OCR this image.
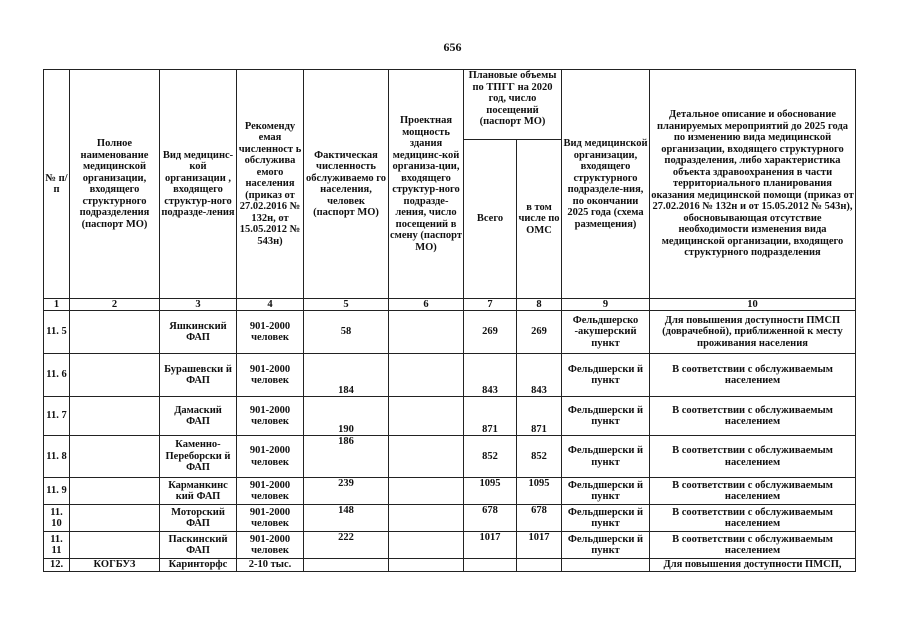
656
№ п/п	Полное наименование медицинской организации, входящего структурного подразделения (паспорт МО)	Вид медицинс-кой организации , входящего структур-ного подразде-ления	Рекоменду емая численност ь обслужива емого населения (приказ от 27.02.2016 № 132н, от 15.05.2012 № 543н)	Фактическая численность обслуживаемо го населения, человек (паспорт МО)	Проектная мощность здания медицинс-кой организа-ции, входящего структур-ного подразде-ления, число посещений в смену (паспорт МО)	Плановые объемы по ТПГГ на 2020 год, число посещений (паспорт МО)		Вид медицинской организации, входящего структурного подразделе-ния, по окончании 2025 года (схема размещения)	Детальное описание и обоснование планируемых мероприятий до 2025 года по изменению вида медицинской организации, входящего структурного подразделения, либо характеристика объекта здравоохранения в части территориального планирования оказания медицинской помощи (приказ от 27.02.2016 № 132н и от 15.05.2012 № 543н), обосновывающая отсутствие необходимости изменения вида медицинской организации, входящего структурного подразделения
						Всего	в том числе по ОМС		
1	2	3	4	5	6	7	8	9	10
11. 5		Яшкинский ФАП	901-2000 человек	58		269	269	Фельдшерско -акушерский пункт	Для повышения доступности ПМСП (доврачебной), приближенной к месту проживания населения
11. 6		Бурашевски й ФАП	901-2000 человек	184		843	843	Фельдшерски й пункт	В соответствии с обслуживаемым населением
11. 7		Дамаский ФАП	901-2000 человек	190		871	871	Фельдшерски й пункт	В соответствии с обслуживаемым населением
11. 8		Каменно-Переборски й ФАП	901-2000 человек	186		852	852	Фельдшерски й пункт	В соответствии с обслуживаемым населением
11. 9		Карманкинс кий ФАП	901-2000 человек	239		1095	1095	Фельдшерски й пункт	В соответствии с обслуживаемым населением
11. 10		Моторский ФАП	901-2000 человек	148		678	678	Фельдшерски й пункт	В соответствии с обслуживаемым населением
11. 11		Паскинский ФАП	901-2000 человек	222		1017	1017	Фельдшерски й пункт	В соответствии с обслуживаемым населением
12.	КОГБУЗ	Каринторфс	2-10 тыс.						Для повышения доступности ПМСП,
